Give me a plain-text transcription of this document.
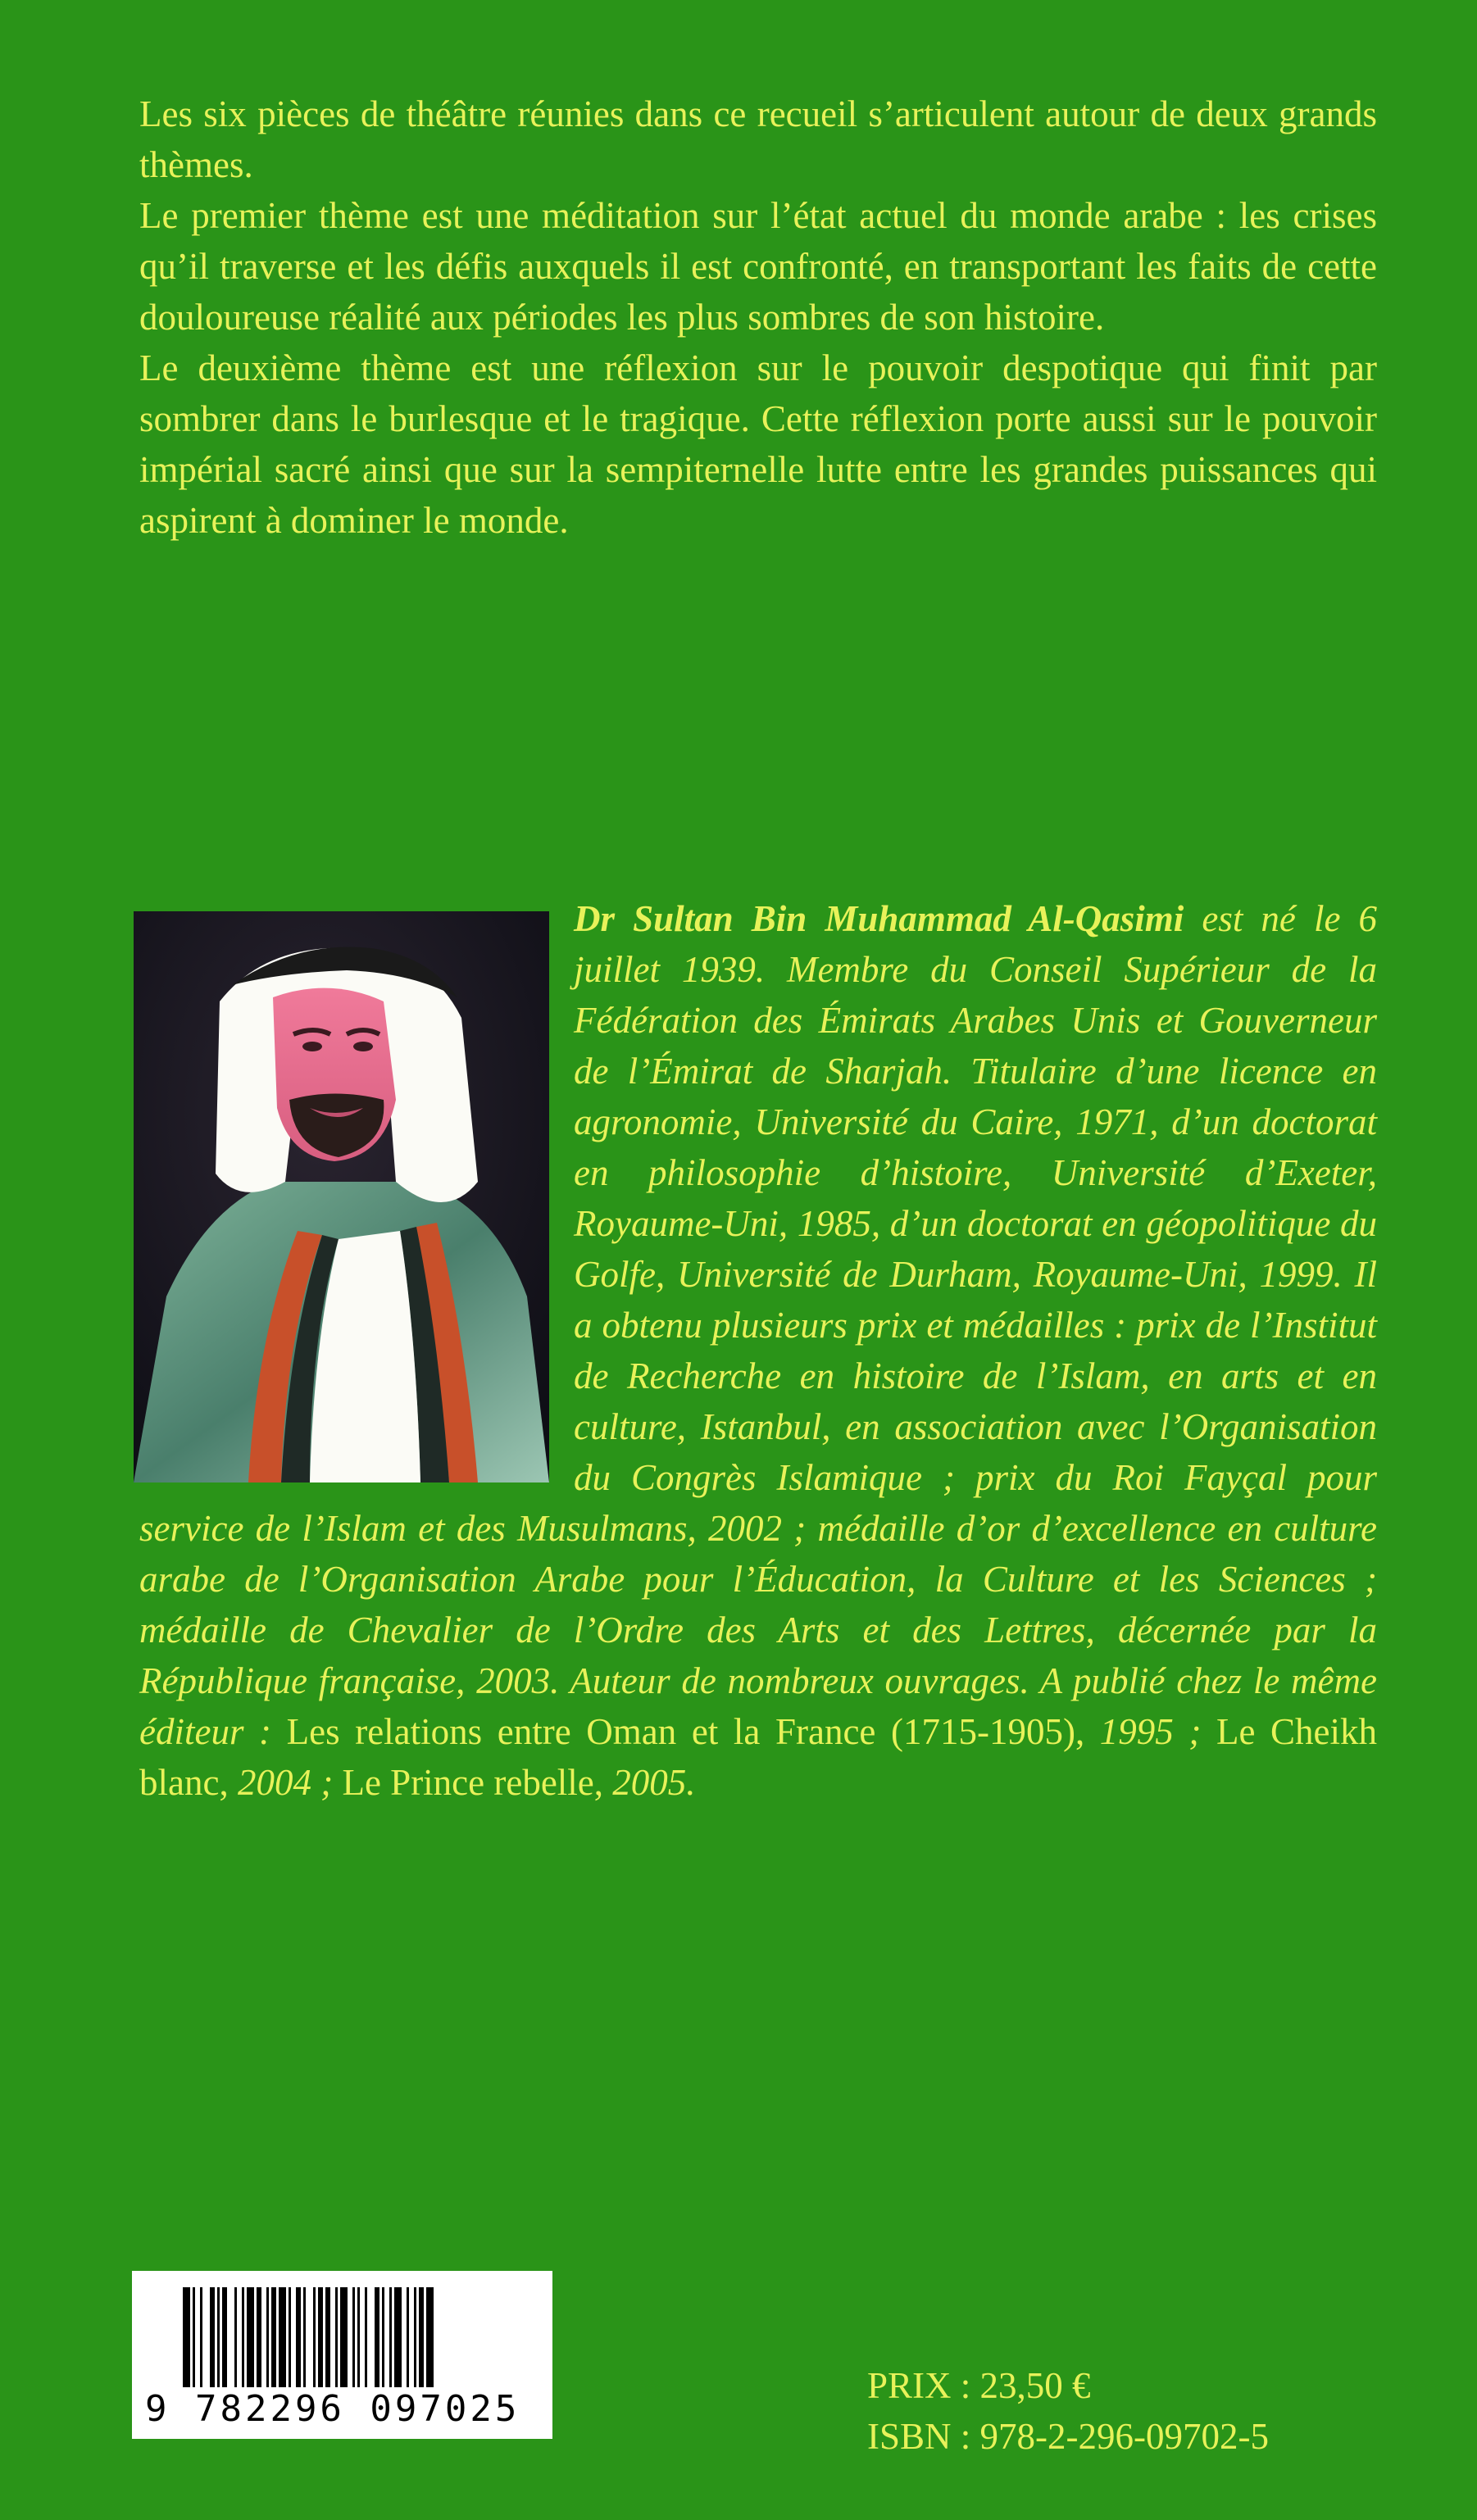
Les six pièces de théâtre réunies dans ce recueil s’articulent autour de deux grands thèmes.

Le premier thème est une méditation sur l’état actuel du monde arabe : les crises qu’il traverse et les défis auxquels il est confronté, en transportant les faits de cette douloureuse réalité aux périodes les plus sombres de son histoire.

Le deuxième thème est une réflexion sur le pouvoir despotique qui finit par sombrer dans le burlesque et le tragique. Cette réflexion porte aussi sur le pouvoir impérial sacré ainsi que sur la sempiternelle lutte entre les grandes puissances qui aspirent à dominer le monde.

Dr Sultan Bin Muhammad Al-Qasimi est né le 6 juillet 1939. Membre du Conseil Supérieur de la Fédération des Émirats Arabes Unis et Gouverneur de l’Émirat de Sharjah. Titulaire d’une licence en agronomie, Université du Caire, 1971, d’un doctorat en philosophie d’histoire, Université d’Exeter, Royaume-Uni, 1985, d’un doctorat en géopolitique du Golfe, Université de Durham, Royaume-Uni, 1999. Il a obtenu plusieurs prix et médailles : prix de l’Institut de Recherche en histoire de l’Islam, en arts et en culture, Istanbul, en association avec l’Organisation du Congrès Islamique ; prix du Roi Fayçal pour service de l’Islam et des Musulmans, 2002 ; médaille d’or d’excellence en culture arabe de l’Organisation Arabe pour l’Éducation, la Culture et les Sciences ; médaille de Chevalier de l’Ordre des Arts et des Lettres, décernée par la République française, 2003. Auteur de nombreux ouvrages. A publié chez le même éditeur : Les relations entre Oman et la France (1715-1905), 1995 ; Le Cheikh blanc, 2004 ; Le Prince rebelle, 2005.

9 782296 097025
PRIX : 23,50 €
ISBN : 978-2-296-09702-5
